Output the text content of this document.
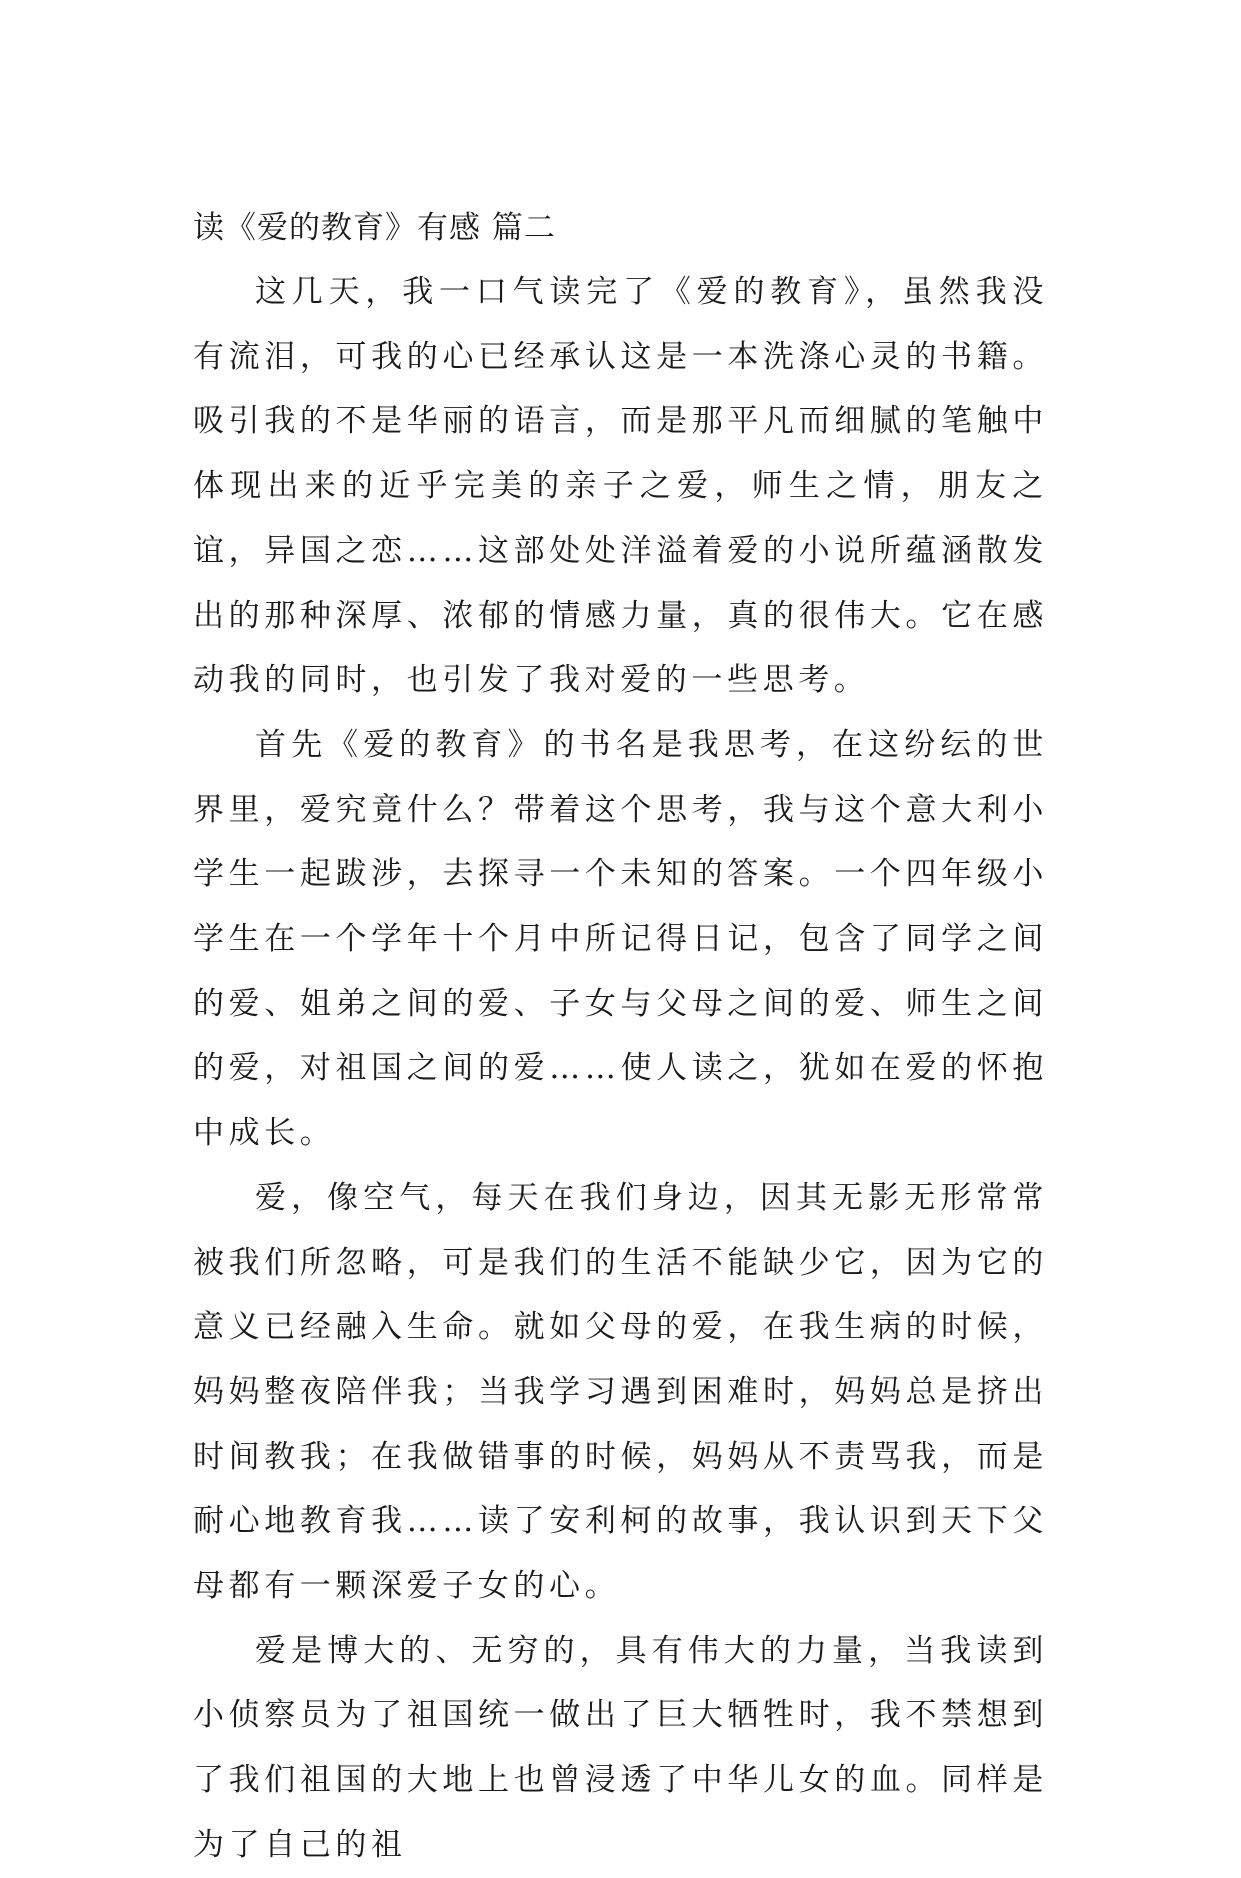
读《爱的教育》有感 篇二

这几天，我一口气读完了《爱的教育》，虽然我没有流泪，可我的心已经承认这是一本洗涤心灵的书籍。吸引我的不是华丽的语言，而是那平凡而细腻的笔触中体现出来的近乎完美的亲子之爱，师生之情，朋友之谊，异国之恋……这部处处洋溢着爱的小说所蕴涵散发出的那种深厚、浓郁的情感力量，真的很伟大。它在感动我的同时，也引发了我对爱的一些思考。

首先《爱的教育》的书名是我思考，在这纷纭的世界里，爱究竟什么？带着这个思考，我与这个意大利小学生一起跋涉，去探寻一个未知的答案。一个四年级小学生在一个学年十个月中所记得日记，包含了同学之间的爱、姐弟之间的爱、子女与父母之间的爱、师生之间的爱，对祖国之间的爱……使人读之，犹如在爱的怀抱中成长。

爱，像空气，每天在我们身边，因其无影无形常常被我们所忽略，可是我们的生活不能缺少它，因为它的意义已经融入生命。就如父母的爱，在我生病的时候，妈妈整夜陪伴我；当我学习遇到困难时，妈妈总是挤出时间教我；在我做错事的时候，妈妈从不责骂我，而是耐心地教育我……读了安利柯的故事，我认识到天下父母都有一颗深爱子女的心。

爱是博大的、无穷的，具有伟大的力量，当我读到小侦察员为了祖国统一做出了巨大牺牲时，我不禁想到了我们祖国的大地上也曾浸透了中华儿女的血。同样是为了自己的祖
